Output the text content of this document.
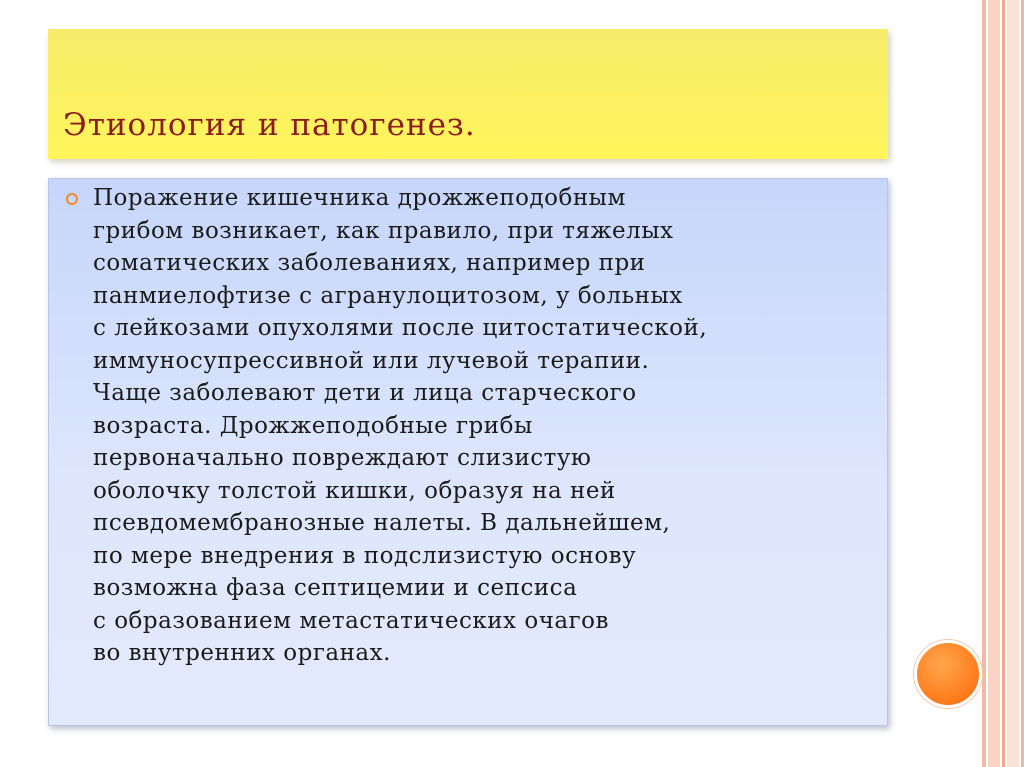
Этиология и патогенез.

Поражение кишечника дрожжеподобным
грибом возникает, как правило, при тяжелых
соматических заболеваниях, например при
панмиелофтизе с агранулоцитозом, у больных
с лейкозами опухолями после цитостатической,
иммуносупрессивной или лучевой терапии.
Чаще заболевают дети и лица старческого
возраста. Дрожжеподобные грибы
первоначально повреждают слизистую
оболочку толстой кишки, образуя на ней
псевдомембранозные налеты. В дальнейшем,
по мере внедрения в подслизистую основу
возможна фаза септицемии и сепсиса
с образованием метастатических очагов
во внутренних органах.
